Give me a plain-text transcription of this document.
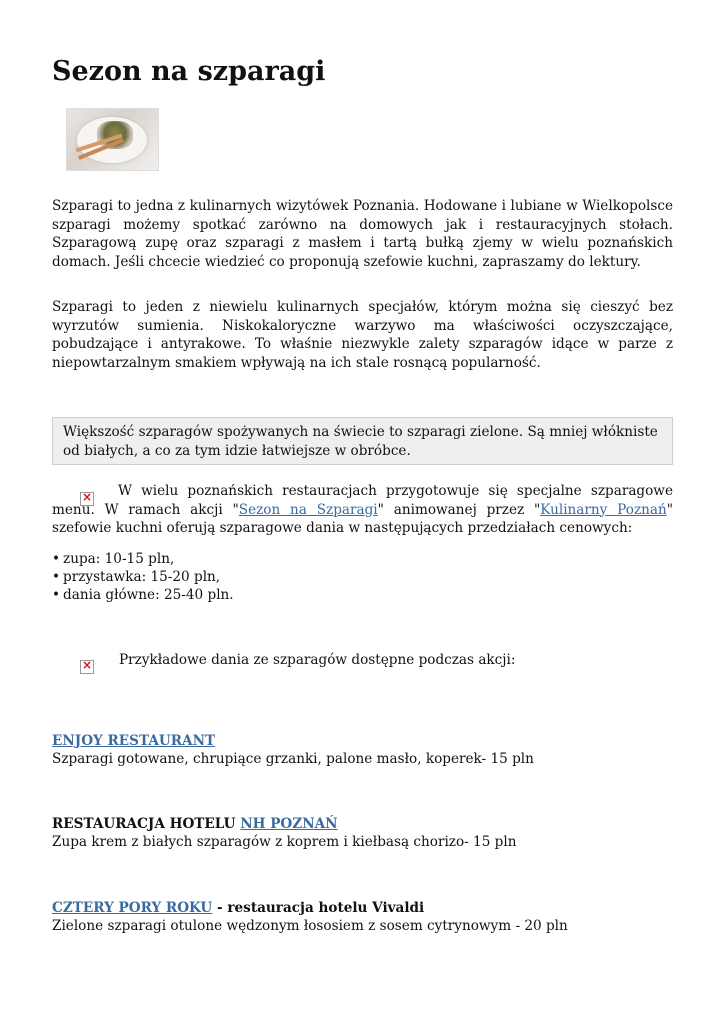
Sezon na szparagi

Szparagi to jedna z kulinarnych wizytówek Poznania. Hodowane i lubiane w Wielkopolsce szparagi możemy spotkać zarówno na domowych jak i restauracyjnych stołach. Szparagową zupę oraz szparagi z masłem i tartą bułką zjemy w wielu poznańskich domach. Jeśli chcecie wiedzieć co proponują szefowie kuchni, zapraszamy do lektury.

Szparagi to jeden z niewielu kulinarnych specjałów, którym można się cieszyć bez wyrzutów sumienia. Niskokaloryczne warzywo ma właściwości oczyszczające, pobudzające i antyrakowe. To właśnie niezwykle zalety szparagów idące w parze z niepowtarzalnym smakiem wpływają na ich stale rosnącą popularność.

Większość szparagów spożywanych na świecie to szparagi zielone. Są mniej włókniste od białych, a co za tym idzie łatwiejsze w obróbce.
×	W wielu poznańskich restauracjach przygotowuje się specjalne szparagowe menu. W ramach akcji "Sezon na Szparagi" animowanej przez "Kulinarny Poznań" szefowie kuchni oferują szparagowe dania w następujących przedziałach cenowych:

• zupa: 10-15 pln,
• przystawka: 15-20 pln,
• dania główne: 25-40 pln.
× Przykładowe dania ze szparagów dostępne podczas akcji:
ENJOY RESTAURANT
Szparagi gotowane, chrupiące grzanki, palone masło, koperek- 15 pln
RESTAURACJA HOTELU NH POZNAŃ
Zupa krem z białych szparagów z koprem i kiełbasą chorizo- 15 pln
CZTERY PORY ROKU - restauracja hotelu Vivaldi
Zielone szparagi otulone wędzonym łososiem z sosem cytrynowym - 20 pln
